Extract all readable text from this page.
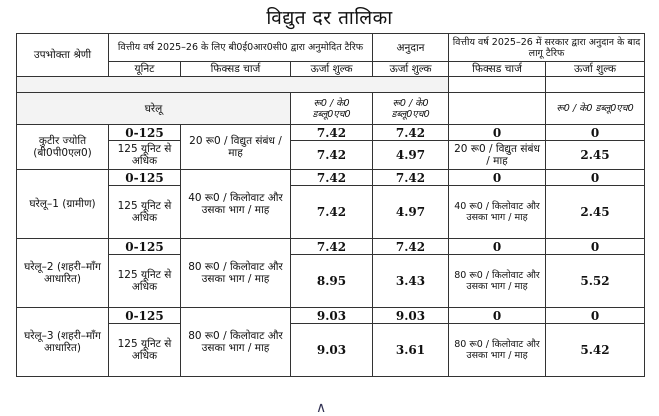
विद्युत दर तालिका
उपभोक्ता श्रेणी	वित्तीय वर्ष 2025–26 के लिए बी0ई0आर0सी0 द्वारा अनुमोदित टैरिफ			अनुदान	वित्तीय वर्ष 2025–26 में सरकार द्वारा अनुदान के बाद लागू टैरिफ	
	यूनिट	फिक्सड चार्ज	ऊर्जा शुल्क	ऊर्जा शुल्क	फिक्सड चार्ज	ऊर्जा शुल्क

घरेलू			रू0 / के0 डब्लू0एच0	रू0 / के0 डब्लू0एच0		रू0 / के0 डब्लू0एच0
कुटीर ज्योति (बी0पी0एल0)	0-125	20 रू0 / विद्युत संबंध / माह	7.42	7.42	0	0
	125 यूनिट से अधिक		7.42	4.97	20 रू0 / विद्युत संबंध / माह	2.45
घरेलू–1 (ग्रामीण)	0-125	40 रू0 / किलोवाट और उसका भाग / माह	7.42	7.42	0	0
	125 यूनिट से अधिक		7.42	4.97	40 रू0 / किलोवाट और उसका भाग / माह	2.45
घरेलू–2 (शहरी–माँग आधारित)	0-125	80 रू0 / किलोवाट और उसका भाग / माह	7.42	7.42	0	0
	125 यूनिट से अधिक		8.95	3.43	80 रू0 / किलोवाट और उसका भाग / माह	5.52
घरेलू–3 (शहरी–माँग आधारित)	0-125	80 रू0 / किलोवाट और उसका भाग / माह	9.03	9.03	0	0
	125 यूनिट से अधिक		9.03	3.61	80 रू0 / किलोवाट और उसका भाग / माह	5.42
∧
